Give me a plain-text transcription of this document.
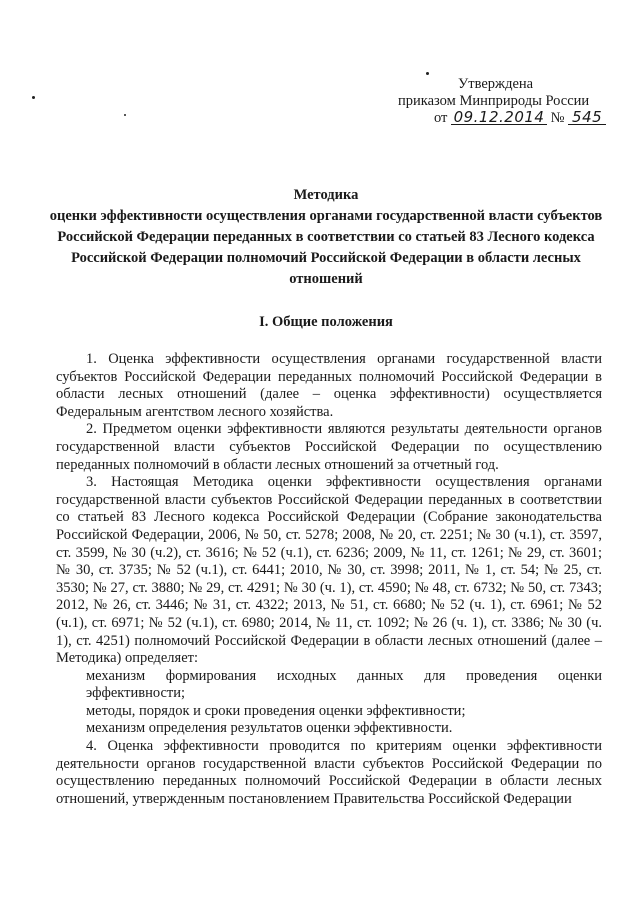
Утверждена
приказом Минприроды России
от 09.12.2014 № 545
Методика
оценки эффективности осуществления органами государственной власти субъектов Российской Федерации переданных в соответствии со статьей 83 Лесного кодекса Российской Федерации полномочий Российской Федерации в области лесных отношений
I. Общие положения

1. Оценка эффективности осуществления органами государственной власти субъектов Российской Федерации переданных полномочий Российской Федерации в области лесных отношений (далее – оценка эффективности) осуществляется Федеральным агентством лесного хозяйства.

2. Предметом оценки эффективности являются результаты деятельности органов государственной власти субъектов Российской Федерации по осуществлению переданных полномочий в области лесных отношений за отчетный год.

3. Настоящая Методика оценки эффективности осуществления органами государственной власти субъектов Российской Федерации переданных в соответствии со статьей 83 Лесного кодекса Российской Федерации (Собрание законодательства Российской Федерации, 2006, № 50, ст. 5278; 2008, № 20, ст. 2251; № 30 (ч.1), ст. 3597, ст. 3599, № 30 (ч.2), ст. 3616; № 52 (ч.1), ст. 6236; 2009, № 11, ст. 1261; № 29, ст. 3601; № 30, ст. 3735; № 52 (ч.1), ст. 6441; 2010, № 30, ст. 3998; 2011, № 1, ст. 54; № 25, ст. 3530; № 27, ст. 3880; № 29, ст. 4291; № 30 (ч. 1), ст. 4590; № 48, ст. 6732; № 50, ст. 7343; 2012, № 26, ст. 3446; № 31, ст. 4322; 2013, № 51, ст. 6680; № 52 (ч. 1), ст. 6961; № 52 (ч.1), ст. 6971; № 52 (ч.1), ст. 6980; 2014, № 11, ст. 1092; № 26 (ч. 1), ст. 3386; № 30 (ч. 1), ст. 4251) полномочий Российской Федерации в области лесных отношений (далее – Методика) определяет:

механизм формирования исходных данных для проведения оценки эффективности;

методы, порядок и сроки проведения оценки эффективности;

механизм определения результатов оценки эффективности.

4. Оценка эффективности проводится по критериям оценки эффективности деятельности органов государственной власти субъектов Российской Федерации по осуществлению переданных полномочий Российской Федерации в области лесных отношений, утвержденным постановлением Правительства Российской Федерации
